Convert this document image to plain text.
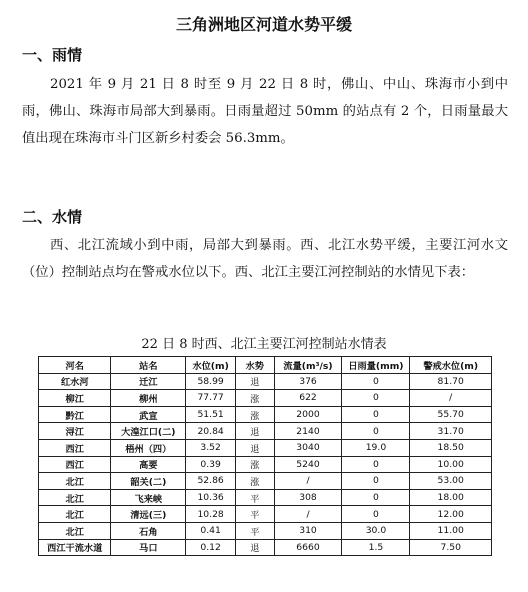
三角洲地区河道水势平缓
一、雨情

2021 年 9 月 21 日 8 时至 9 月 22 日 8 时，佛山、中山、珠海市小到中雨，佛山、珠海市局部大到暴雨。日雨量超过 50mm 的站点有 2 个，日雨量最大值出现在珠海市斗门区新乡村委会 56.3mm。

二、水情

西、北江流域小到中雨，局部大到暴雨。西、北江水势平缓，主要江河水文（位）控制站点均在警戒水位以下。西、北江主要江河控制站的水情见下表：

22 日 8 时西、北江主要江河控制站水情表
河名	站名	水位(m)	水势	流量(m³/s)	日雨量(mm)	警戒水位(m)
红水河	迁江	58.99	退	376	0	81.70
柳江	柳州	77.77	涨	622	0	/
黔江	武宣	51.51	涨	2000	0	55.70
浔江	大湟江口(二)	20.84	退	2140	0	31.70
西江	梧州（四）	3.52	退	3040	19.0	18.50
西江	高要	0.39	涨	5240	0	10.00
北江	韶关(二)	52.86	涨	/	0	53.00
北江	飞来峡	10.36	平	308	0	18.00
北江	清远(三)	10.28	平	/	0	12.00
北江	石角	0.41	平	310	30.0	11.00
西江干流水道	马口	0.12	退	6660	1.5	7.50
